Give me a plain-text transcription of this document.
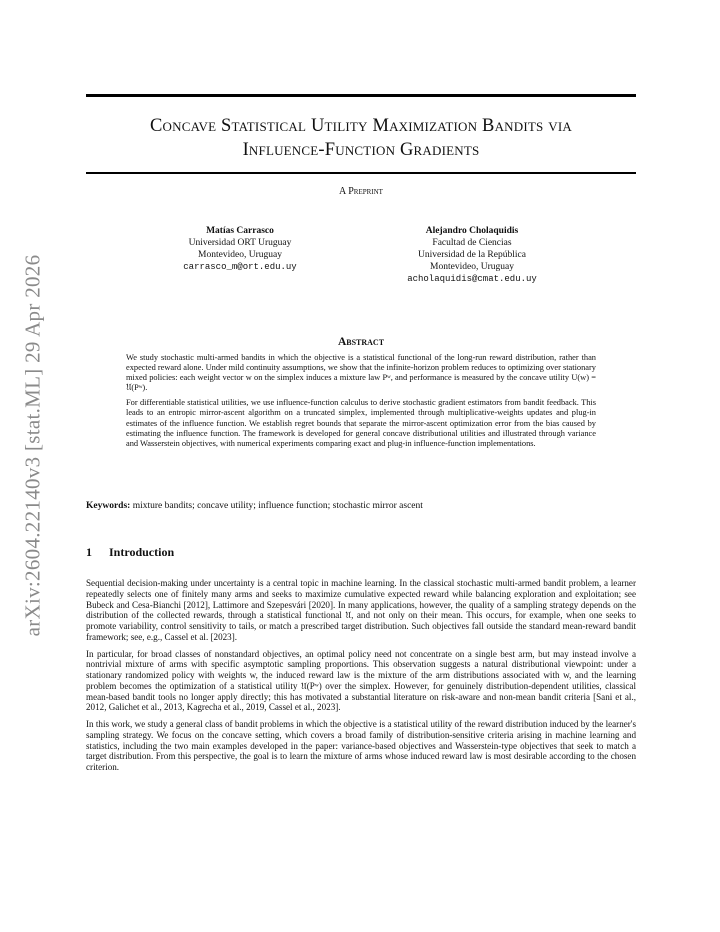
arXiv:2604.22140v3 [stat.ML] 29 Apr 2026
Concave Statistical Utility Maximization Bandits via
Influence-Function Gradients
A Preprint
Matías Carrasco
Universidad ORT Uruguay
Montevideo, Uruguay
carrasco_m@ort.edu.uy
Alejandro Cholaquidis
Facultad de Ciencias
Universidad de la República
Montevideo, Uruguay
acholaquidis@cmat.edu.uy
Abstract

We study stochastic multi-armed bandits in which the objective is a statistical functional of the long-run reward distribution, rather than expected reward alone. Under mild continuity assumptions, we show that the infinite-horizon problem reduces to optimizing over stationary mixed policies: each weight vector w on the simplex induces a mixture law Pʷ, and performance is measured by the concave utility U(w) = 𝔘(Pʷ).

For differentiable statistical utilities, we use influence-function calculus to derive stochastic gradient estimators from bandit feedback. This leads to an entropic mirror-ascent algorithm on a truncated simplex, implemented through multiplicative-weights updates and plug-in estimates of the influence function. We establish regret bounds that separate the mirror-ascent optimization error from the bias caused by estimating the influence function. The framework is developed for general concave distributional utilities and illustrated through variance and Wasserstein objectives, with numerical experiments comparing exact and plug-in influence-function implementations.

Keywords: mixture bandits; concave utility; influence function; stochastic mirror ascent
1 Introduction

Sequential decision-making under uncertainty is a central topic in machine learning. In the classical stochastic multi-armed bandit problem, a learner repeatedly selects one of finitely many arms and seeks to maximize cumulative expected reward while balancing exploration and exploitation; see Bubeck and Cesa-Bianchi [2012], Lattimore and Szepesvári [2020]. In many applications, however, the quality of a sampling strategy depends on the distribution of the collected rewards, through a statistical functional 𝔘, and not only on their mean. This occurs, for example, when one seeks to promote variability, control sensitivity to tails, or match a prescribed target distribution. Such objectives fall outside the standard mean-reward bandit framework; see, e.g., Cassel et al. [2023].

In particular, for broad classes of nonstandard objectives, an optimal policy need not concentrate on a single best arm, but may instead involve a nontrivial mixture of arms with specific asymptotic sampling proportions. This observation suggests a natural distributional viewpoint: under a stationary randomized policy with weights w, the induced reward law is the mixture of the arm distributions associated with w, and the learning problem becomes the optimization of a statistical utility 𝔘(Pʷ) over the simplex. However, for genuinely distribution-dependent utilities, classical mean-based bandit tools no longer apply directly; this has motivated a substantial literature on risk-aware and non-mean bandit criteria [Sani et al., 2012, Galichet et al., 2013, Kagrecha et al., 2019, Cassel et al., 2023].

In this work, we study a general class of bandit problems in which the objective is a statistical utility of the reward distribution induced by the learner's sampling strategy. We focus on the concave setting, which covers a broad family of distribution-sensitive criteria arising in machine learning and statistics, including the two main examples developed in the paper: variance-based objectives and Wasserstein-type objectives that seek to match a target distribution. From this perspective, the goal is to learn the mixture of arms whose induced reward law is most desirable according to the chosen criterion.
